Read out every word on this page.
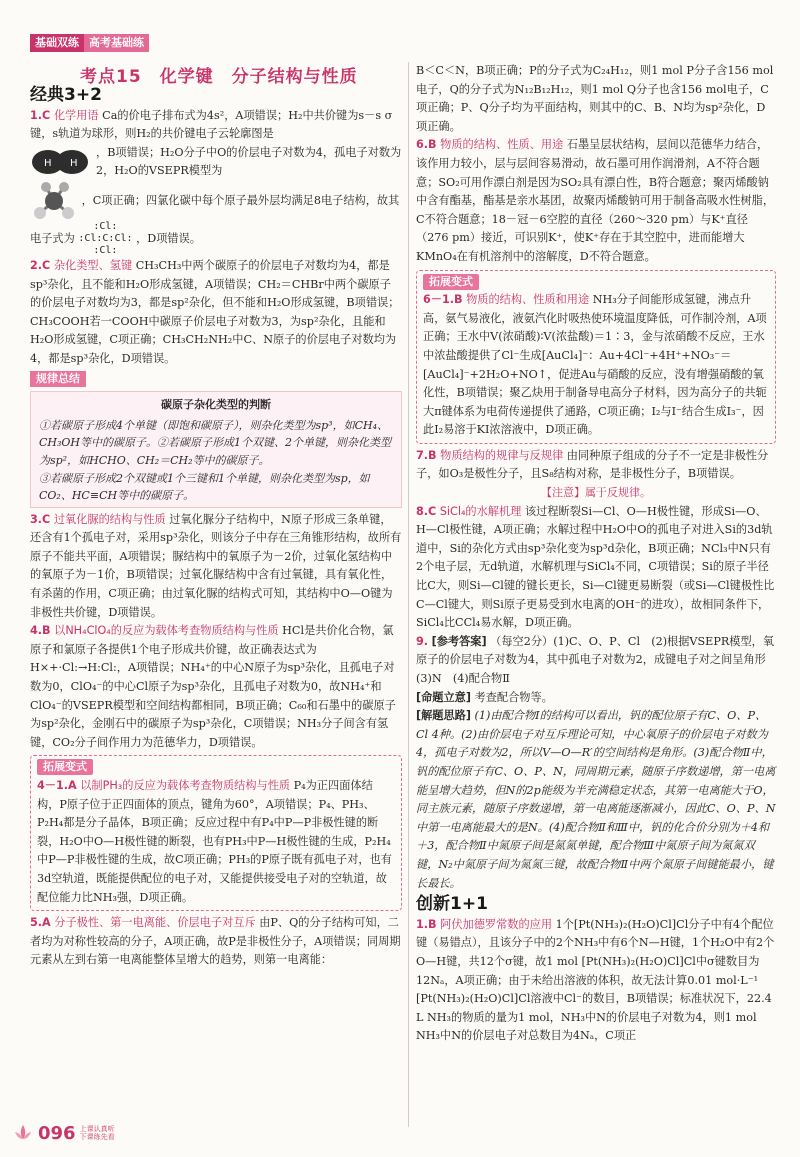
基础双练 高考基础练
考点15　化学键　分子结构与性质
经典3+2

1.C 化学用语 Ca的价电子排布式为4s²，A项错误；H₂中共价键为s－s σ键，s轨道为球形，则H₂的共价键电子云轮廓图是

H H
，B项错误；H₂O分子中O的价层电子对数为4，孤电子对数为2，H₂O的VSEPR模型为

，C项正确；四氯化碳中每个原子最外层均满足8电子结构，故其电子式为
:Cl:
:Cl:C:Cl:
:Cl:
，D项错误。

2.C 杂化类型、氢键 CH₃CH₃中两个碳原子的价层电子对数均为4，都是sp³杂化，且不能和H₂O形成氢键，A项错误；CH₂＝CHBr中两个碳原子的价层电子对数均为3，都是sp²杂化，但不能和H₂O形成氢键，B项错误；CH₃COOH若一COOH中碳原子价层电子对数为3，为sp²杂化，且能和H₂O形成氢键，C项正确；CH₃CH₂NH₂中C、N原子的价层电子对数均为4，都是sp³杂化，D项错误。

规律总结
碳原子杂化类型的判断

①若碳原子形成4个单键（即饱和碳原子），则杂化类型为sp³，如CH₄、CH₃OH等中的碳原子。②若碳原子形成1个双键、2个单键，则杂化类型为sp²，如HCHO、CH₂＝CH₂等中的碳原子。

③若碳原子形成2个双键或1个三键和1个单键，则杂化类型为sp，如CO₂、HC≡CH等中的碳原子。

3.C 过氧化脲的结构与性质 过氧化脲分子结构中，N原子形成三条单键，还含有1个孤电子对，采用sp³杂化，则该分子中存在三角锥形结构，故所有原子不能共平面，A项错误；脲结构中的氧原子为－2价，过氧化氢结构中的氧原子为－1价，B项错误；过氧化脲结构中含有过氧键，具有氧化性，有杀菌的作用，C项正确；由过氧化脲的结构式可知，其结构中O—O键为非极性共价键，D项错误。

4.B 以NH₄ClO₄的反应为载体考查物质结构与性质 HCl是共价化合物，氯原子和氯原子各提供1个电子形成共价键，故正确表达式为H×+·Cl:→H:Cl:，A项错误；NH₄⁺的中心N原子为sp³杂化，且孤电子对数为0，ClO₄⁻的中心Cl原子为sp³杂化，且孤电子对数为0，故NH₄⁺和ClO₄⁻的VSEPR模型和空间结构都相同，B项正确；C₆₀和石墨中的碳原子为sp²杂化，金刚石中的碳原子为sp³杂化，C项错误；NH₃分子间含有氢键，CO₂分子间作用力为范德华力，D项错误。

拓展变式

4－1.A 以制PH₃的反应为载体考查物质结构与性质 P₄为正四面体结构，P原子位于正四面体的顶点，键角为60°，A项错误；P₄、PH₃、P₂H₄都是分子晶体，B项正确；反应过程中有P₄中P—P非极性键的断裂，H₂O中O—H极性键的断裂，也有PH₃中P—H极性键的生成，P₂H₄中P—P非极性键的生成，故C项正确；PH₃的P原子既有孤电子对，也有3d空轨道，既能提供配位的电子对，又能提供接受电子对的空轨道，故配位能力比NH₃强，D项正确。

5.A 分子极性、第一电离能、价层电子对互斥 由P、Q的分子结构可知，二者均为对称性较高的分子，A项正确，故P是非极性分子，A项错误；同周期元素从左到右第一电离能整体呈增大的趋势，则第一电离能：

B＜C＜N，B项正确；P的分子式为C₂₄H₁₂，则1 mol P分子含156 mol电子，Q的分子式为N₁₂B₁₂H₁₂，则1 mol Q分子也含156 mol电子，C项正确；P、Q分子均为平面结构，则其中的C、B、N均为sp²杂化，D项正确。

6.B 物质的结构、性质、用途 石墨呈层状结构，层间以范德华力结合，该作用力较小，层与层间容易滑动，故石墨可用作润滑剂，A不符合题意；SO₂可用作漂白剂是因为SO₂具有漂白性，B符合题意；聚丙烯酸钠中含有酯基，酯基是亲水基团，故聚丙烯酸钠可用于制备高吸水性树脂，C不符合题意；18－冠－6空腔的直径（260～320 pm）与K⁺直径（276 pm）接近，可识别K⁺，使K⁺存在于其空腔中，进而能增大KMnO₄在有机溶剂中的溶解度，D不符合题意。

拓展变式

6－1.B 物质的结构、性质和用途 NH₃分子间能形成氢键，沸点升高，氨气易液化，液氨汽化时吸热使环境温度降低，可作制冷剂，A项正确；王水中V(浓硝酸)∶V(浓盐酸)＝1∶3，金与浓硝酸不反应，王水中浓盐酸提供了Cl⁻生成[AuCl₄]⁻：Au+4Cl⁻+4H⁺+NO₃⁻＝[AuCl₄]⁻+2H₂O+NO↑，促进Au与硝酸的反应，没有增强硝酸的氧化性，B项错误；聚乙炔用于制备导电高分子材料，因为高分子的共轭大π键体系为电荷传递提供了通路，C项正确；I₂与I⁻结合生成I₃⁻，因此I₂易溶于KI浓溶液中，D项正确。

7.B 物质结构的规律与反规律 由同种原子组成的分子不一定是非极性分子，如O₃是极性分子，且S₈结构对称，是非极性分子，B项错误。

【注意】属于反规律。

8.C SiCl₄的水解机理 该过程断裂Si—Cl、O—H极性键，形成Si—O、H—Cl极性键，A项正确；水解过程中H₂O中O的孤电子对进入Si的3d轨道中，Si的杂化方式由sp³杂化变为sp³d杂化，B项正确；NCl₃中N只有2个电子层，无d轨道，水解机理与SiCl₄不同，C项错误；Si的原子半径比C大，则Si—Cl键的键长更长，Si—Cl键更易断裂（或Si—Cl键极性比C—Cl键大，则Si原子更易受到水电离的OH⁻的进攻），故相同条件下，SiCl₄比CCl₄易水解，D项正确。

9. [参考答案] （每空2分）(1)C、O、P、Cl　(2)根据VSEPR模型，氧原子的价层电子对数为4，其中孤电子对数为2，成键电子对之间呈角形　(3)N　(4)配合物Ⅱ

[命题立意] 考查配合物等。

[解题思路] (1)由配合物Ⅰ的结构可以看出，钒的配位原子有C、O、P、Cl 4种。(2)由价层电子对互斥理论可知，中心氧原子的价层电子对数为4，孤电子对数为2，所以V—O—R′的空间结构是角形。(3)配合物Ⅱ中，钒的配位原子有C、O、P、N，同周期元素，随原子序数递增，第一电离能呈增大趋势，但N的2p能级为半充满稳定状态，其第一电离能大于O，同主族元素，随原子序数递增，第一电离能逐渐减小，因此C、O、P、N中第一电离能最大的是N。(4)配合物Ⅱ和Ⅲ中，钒的化合价分别为＋4和＋3，配合物Ⅱ中氮原子间是氮氮单键，配合物Ⅲ中氮原子间为氮氮双键，N₂中氮原子间为氮氮三键，故配合物Ⅱ中两个氮原子间键能最小，键长最长。

创新1+1

1.B 阿伏加德罗常数的应用 1个[Pt(NH₃)₂(H₂O)Cl]Cl分子中有4个配位键（易错点），且该分子中的2个NH₃中有6个N—H键，1个H₂O中有2个O—H键，共12个σ键，故1 mol [Pt(NH₃)₂(H₂O)Cl]Cl中σ键数目为12Nₐ，A项正确；由于未给出溶液的体积，故无法计算0.01 mol·L⁻¹ [Pt(NH₃)₂(H₂O)Cl]Cl溶液中Cl⁻的数目，B项错误；标准状况下，22.4 L NH₃的物质的量为1 mol，NH₃中N的价层电子对数为4，则1 mol NH₃中N的价层电子对总数目为4Nₐ，C项正

096 上课认真听
下课练先看
